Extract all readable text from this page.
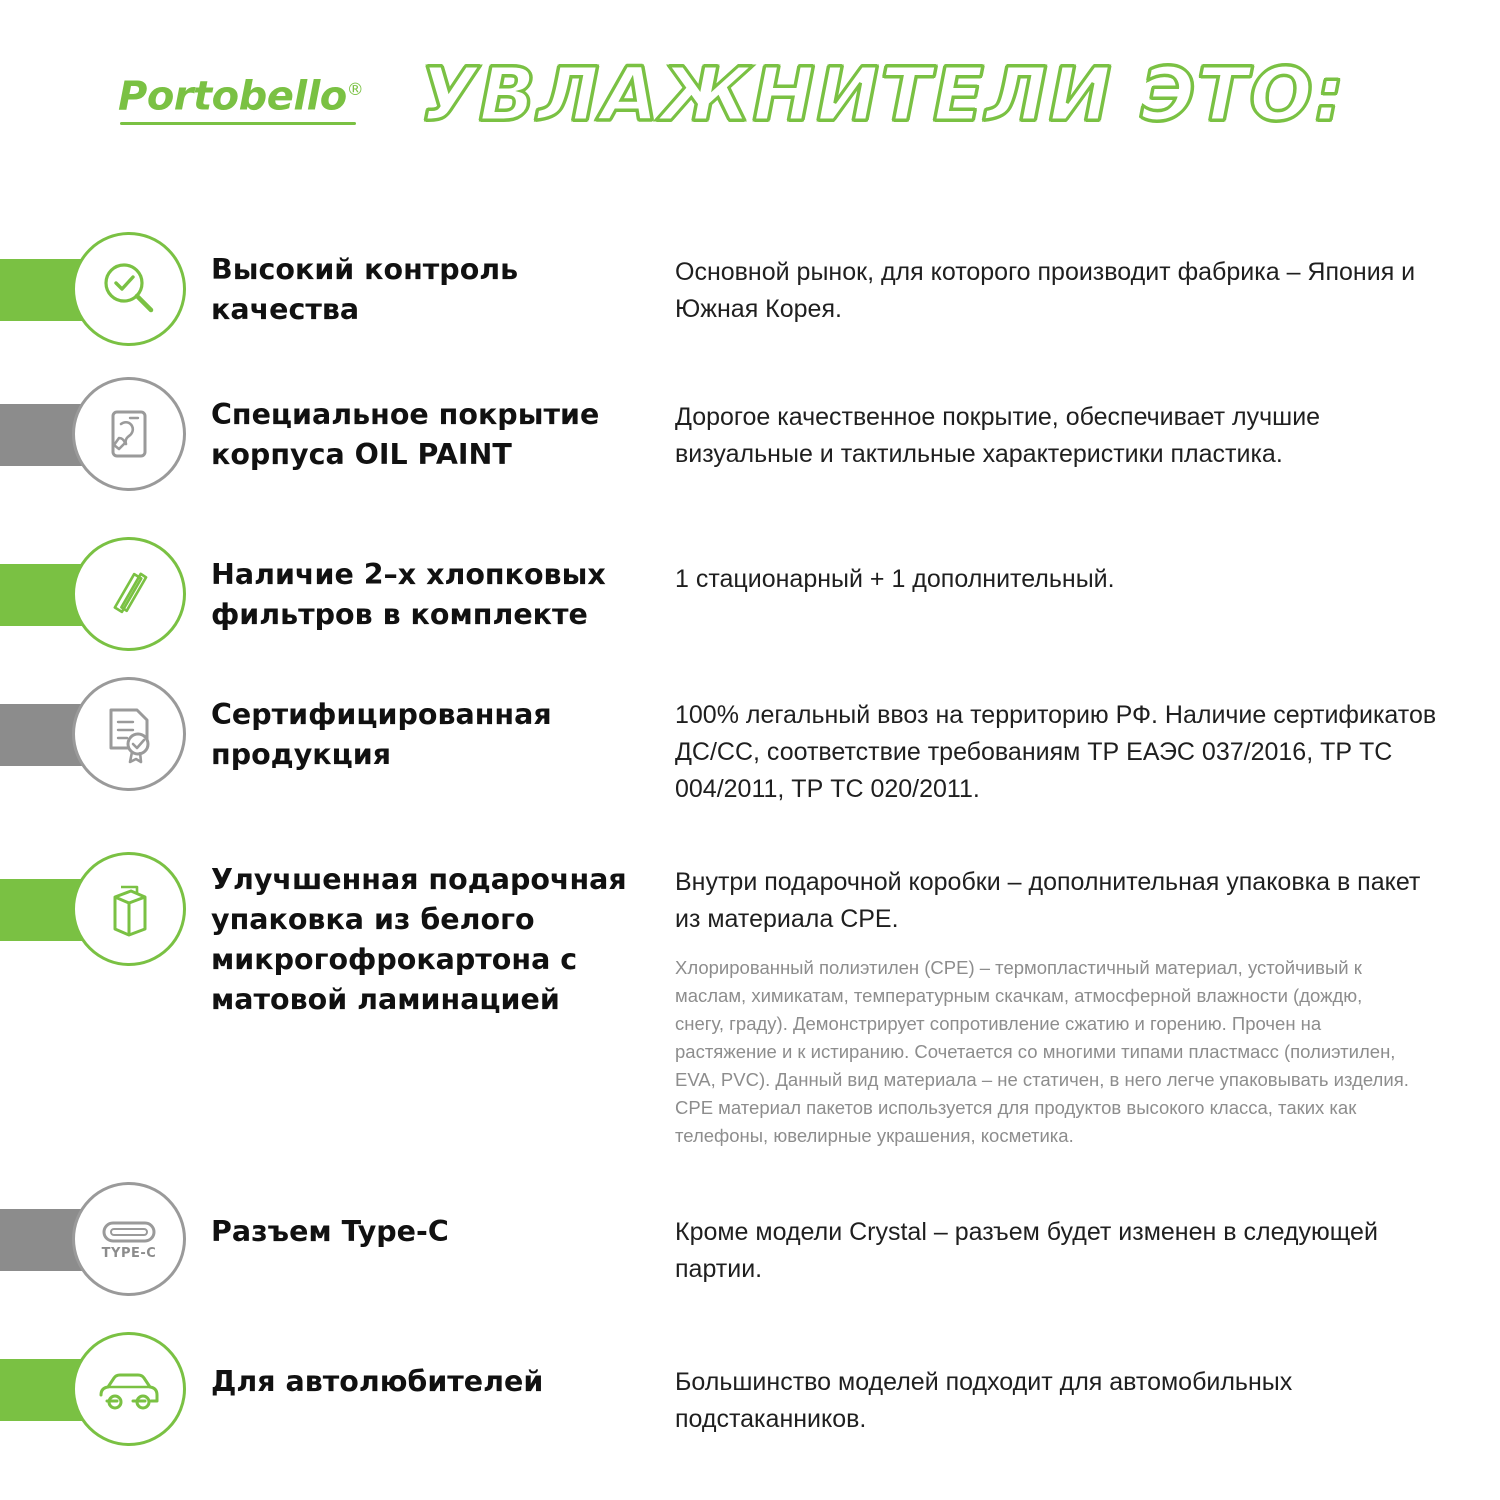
Portobello® УВЛАЖНИТЕЛИ ЭТО:
Высокий контроль качества
Основной рынок, для которого производит фабрика – Япония и Южная Корея.
Специальное покрытие корпуса OIL PAINT
Дорогое качественное покрытие, обеспечивает лучшие визуальные и тактильные характеристики пластика.
Наличие 2–х хлопковых фильтров в комплекте
1 стационарный + 1 дополнительный.
Сертифицированная продукция
100% легальный ввоз на территорию РФ. Наличие сертификатов ДС/СС, соответствие требованиям ТР ЕАЭС 037/2016, ТР ТС 004/2011, ТР ТС 020/2011.
Улучшенная подарочная упаковка из белого микрогофрокартона с матовой ламинацией
Внутри подарочной коробки – дополнительная упаковка в пакет из материала CPE.
Хлорированный полиэтилен (CPE) – термопластичный материал, устойчивый к маслам, химикатам, температурным скачкам, атмосферной влажности (дождю, снегу, граду). Демонстрирует сопротивление сжатию и горению. Прочен на растяжение и к истиранию. Сочетается со многими типами пластмасс (полиэтилен, EVA, PVC). Данный вид материала – не статичен, в него легче упаковывать изделия. CPE материал пакетов используется для продуктов высокого класса, таких как телефоны, ювелирные украшения, косметика.
TYPE-C
Разъем Type-C	Кроме модели Crystal – разъем будет изменен в следующей партии.
Для автолюбителей	Большинство моделей подходит для автомобильных подстаканников.
